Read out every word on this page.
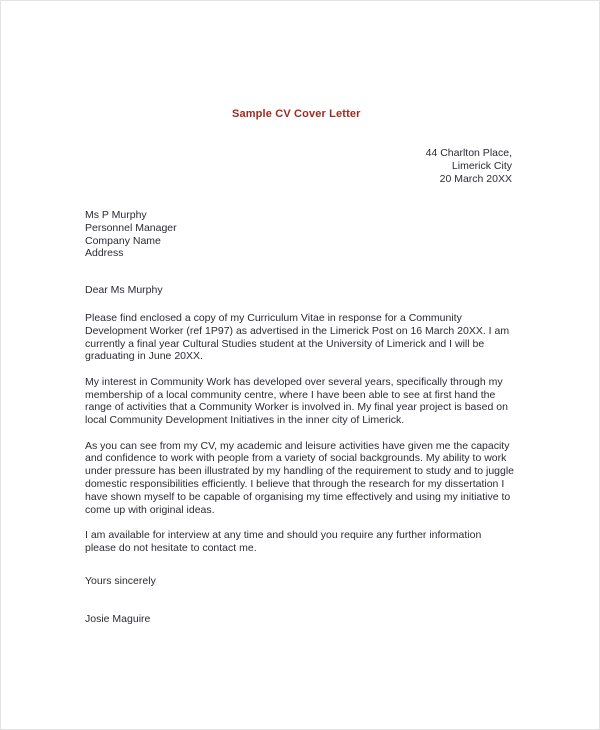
Sample CV Cover Letter
44 Charlton Place,
Limerick City
20 March 20XX
Ms P Murphy
Personnel Manager
Company Name
Address
Dear Ms Murphy

Please find enclosed a copy of my Curriculum Vitae in response for a Community Development Worker (ref 1P97) as advertised in the Limerick Post on 16 March 20XX. I am currently a final year Cultural Studies student at the University of Limerick and I will be graduating in June 20XX.

My interest in Community Work has developed over several years, specifically through my membership of a local community centre, where I have been able to see at first hand the range of activities that a Community Worker is involved in. My final year project is based on local Community Development Initiatives in the inner city of Limerick.

As you can see from my CV, my academic and leisure activities have given me the capacity and confidence to work with people from a variety of social backgrounds. My ability to work under pressure has been illustrated by my handling of the requirement to study and to juggle domestic responsibilities efficiently. I believe that through the research for my dissertation I have shown myself to be capable of organising my time effectively and using my initiative to come up with original ideas.

I am available for interview at any time and should you require any further information please do not hesitate to contact me.

Yours sincerely
Josie Maguire
